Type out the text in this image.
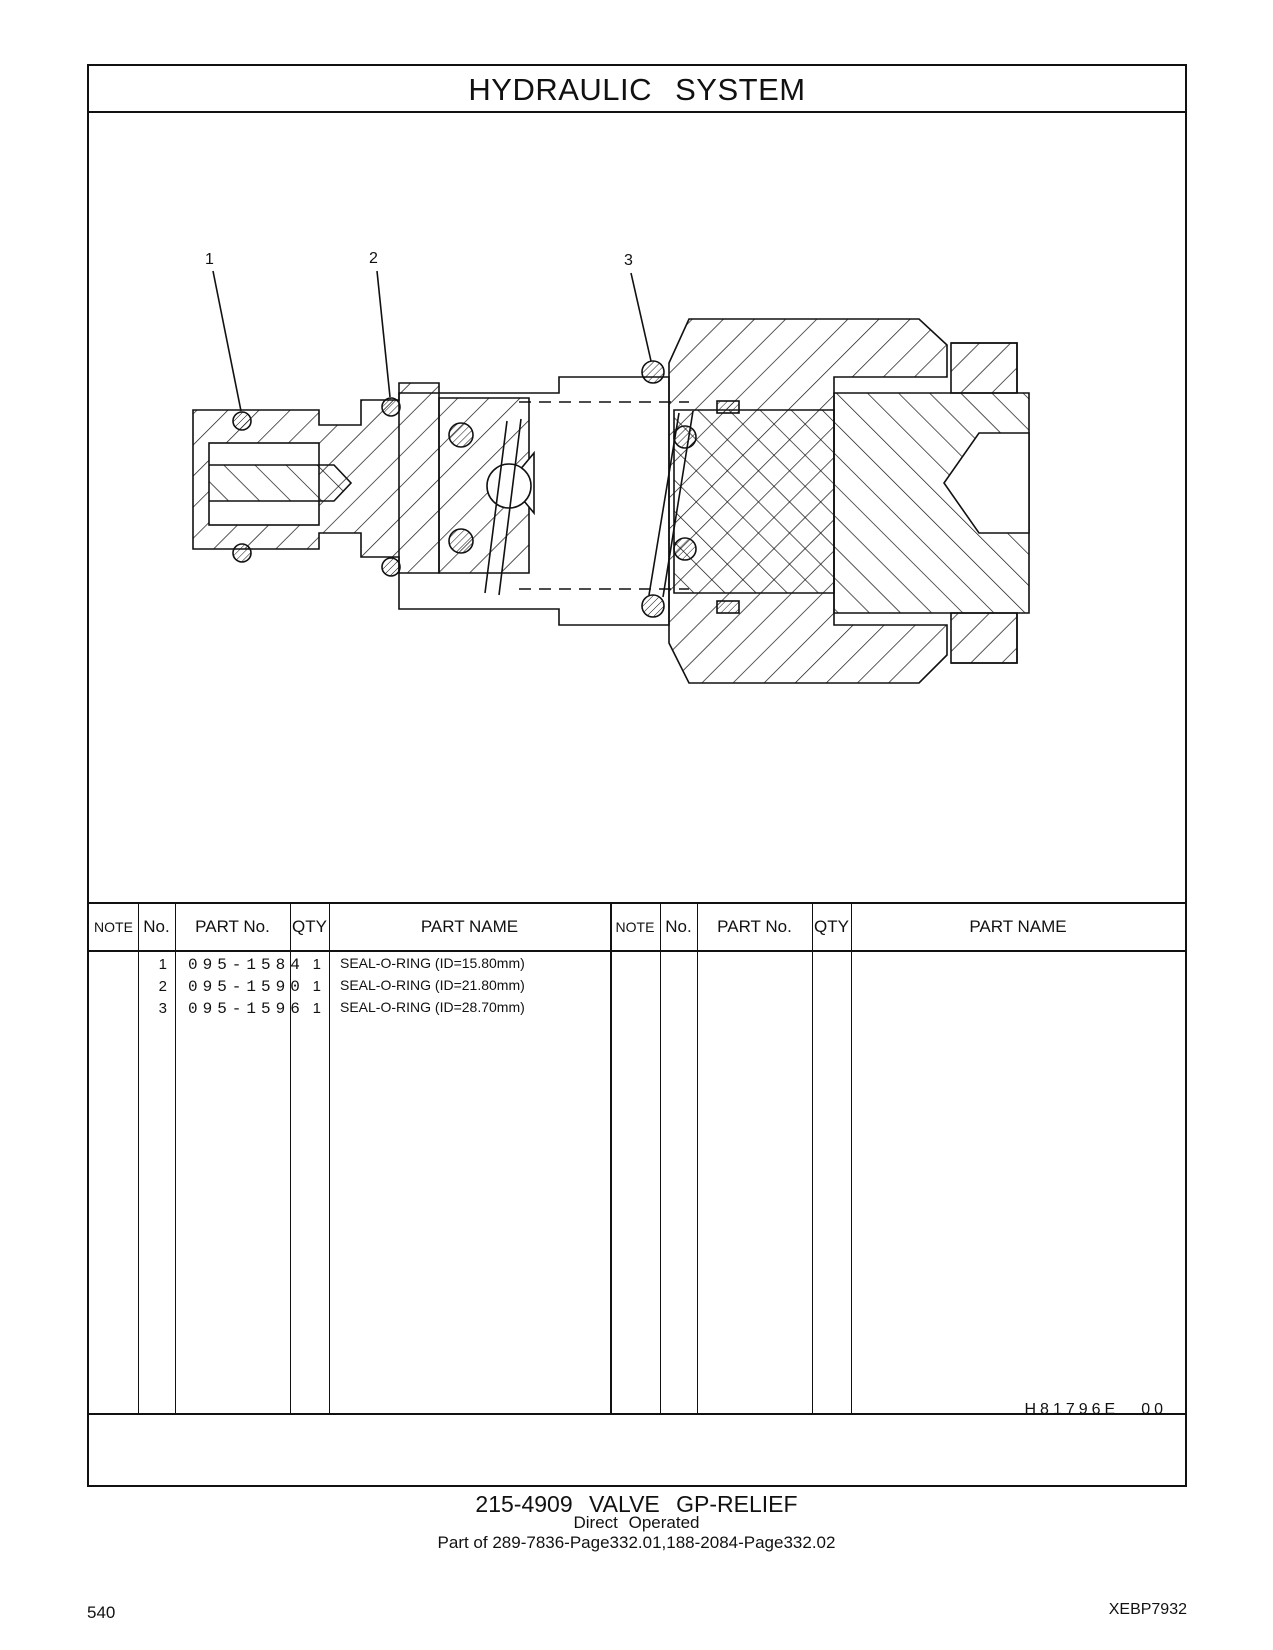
HYDRAULIC SYSTEM
1	2	3
NOTE No.	PART No.	QTY	PART NAME	NOTE No.	PART No.	QTY	PART NAME
1 095-1584 1 SEAL-O-RING (ID=15.80mm)
2 095-1590 1 SEAL-O-RING (ID=21.80mm)
3 095-1596 1 SEAL-O-RING (ID=28.70mm)
H81796E 00
215-4909 VALVE GP-RELIEF
Direct Operated
Part of 289-7836-Page332.01,188-2084-Page332.02
540	XEBP7932
